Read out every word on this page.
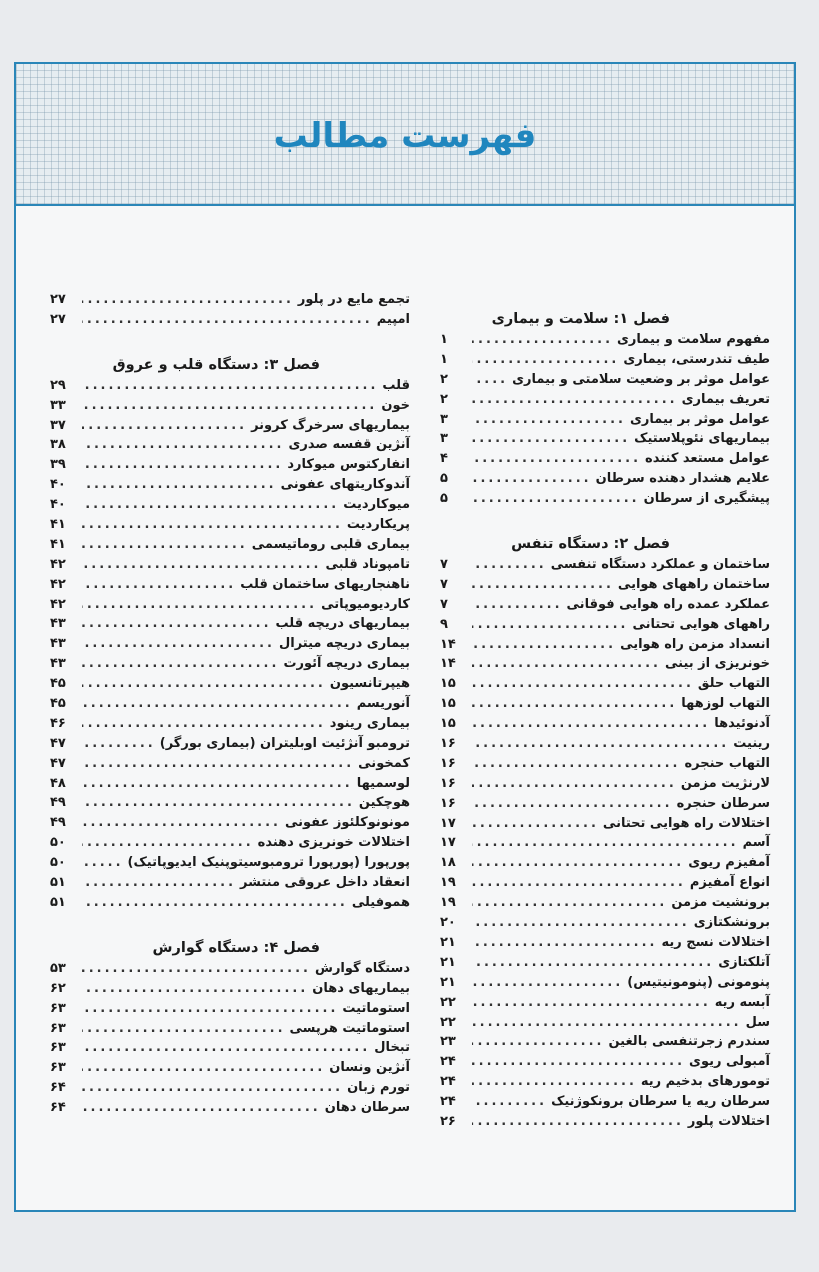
فهرست مطالب
فصل ۱: سلامت و بیماری
مفهوم سلامت و بیماری
.....
۱
طیف تندرستی، بیماری
.....
۱
عوامل موثر بر وضعیت سلامتی و بیماری
.....
۲
تعریف بیماری
.....
۲
عوامل موثر بر بیماری
.....
۳
بیماریهای نئوپلاستیک
.....
۳
عوامل مستعد کننده
.....
۴
علایم هشدار دهنده سرطان
.....
۵
پیشگیری از سرطان
.....
۵
فصل ۲: دستگاه تنفس
ساختمان و عملکرد دستگاه تنفسی
.....
۷
ساختمان راههای هوایی
.....
۷
عملکرد عمده راه هوایی فوقانی
.....
۷
راههای هوایی تحتانی
.....
۹
انسداد مزمن راه هوایی
.....
۱۴
خونریزی از بینی
.....
۱۴
التهاب حلق
.....
۱۵
التهاب لوزهها
.....
۱۵
آدنوئیدها
.....
۱۵
رینیت
.....
۱۶
التهاب حنجره
.....
۱۶
لارنژیت مزمن
.....
۱۶
سرطان حنجره
.....
۱۶
اختلالات راه هوایی تحتانی
.....
۱۷
آسم
.....
۱۷
آمفیزم ریوی
.....
۱۸
انواع آمفیزم
.....
۱۹
برونشیت مزمن
.....
۱۹
برونشکتازی
.....
۲۰
اختلالات نسج ریه
.....
۲۱
آتلکتازی
.....
۲۱
پنومونی (پنومونیتیس)
.....
۲۱
آبسه ریه
.....
۲۲
سل
.....
۲۲
سندرم زجرتنفسی بالغین
.....
۲۳
آمبولی ریوی
.....
۲۴
تومورهای بدخیم ریه
.....
۲۴
سرطان ریه یا سرطان برونکوژنیک
.....
۲۴
اختلالات پلور
.....
۲۶
تجمع مایع در پلور
.....
۲۷
امپیم
.....
۲۷
فصل ۳: دستگاه قلب و عروق
قلب
.....
۲۹
خون
.....
۳۳
بیماریهای سرخرگ کرونر
.....
۳۷
آنژین قفسه صدری
.....
۳۸
انفارکتوس میوکارد
.....
۳۹
آندوکاریتهای عفونی
.....
۴۰
میوکاردیت
.....
۴۰
پریکاردیت
.....
۴۱
بیماری قلبی روماتیسمی
.....
۴۱
تامپوناد قلبی
.....
۴۲
ناهنجاریهای ساختمان قلب
.....
۴۲
کاردیومیوپاتی
.....
۴۲
بیماریهای دریچه قلب
.....
۴۳
بیماری دریچه میترال
.....
۴۳
بیماری دریچه آئورت
.....
۴۳
هیپرتانسیون
.....
۴۵
آنوریسم
.....
۴۵
بیماری رینود
.....
۴۶
ترومبو آنژئیت اوبلیتران (بیماری بورگر)
.....
۴۷
کمخونی
.....
۴۷
لوسمیها
.....
۴۸
هوچکین
.....
۴۹
مونونوکلئوز عفونی
.....
۴۹
اختلالات خونریزی دهنده
.....
۵۰
پورپورا (پورپورا ترومبوسیتوپنیک ایدیوپاتیک)
.....
۵۰
انعقاد داخل عروقی منتشر
.....
۵۱
هموفیلی
.....
۵۱
فصل ۴: دستگاه گوارش
دستگاه گوارش
.....
۵۳
بیماریهای دهان
.....
۶۲
استوماتیت
.....
۶۳
استوماتیت هرپسی
.....
۶۳
تبخال
.....
۶۳
آنژین ونسان
.....
۶۳
تورم زبان
.....
۶۴
سرطان دهان
.....
۶۴
